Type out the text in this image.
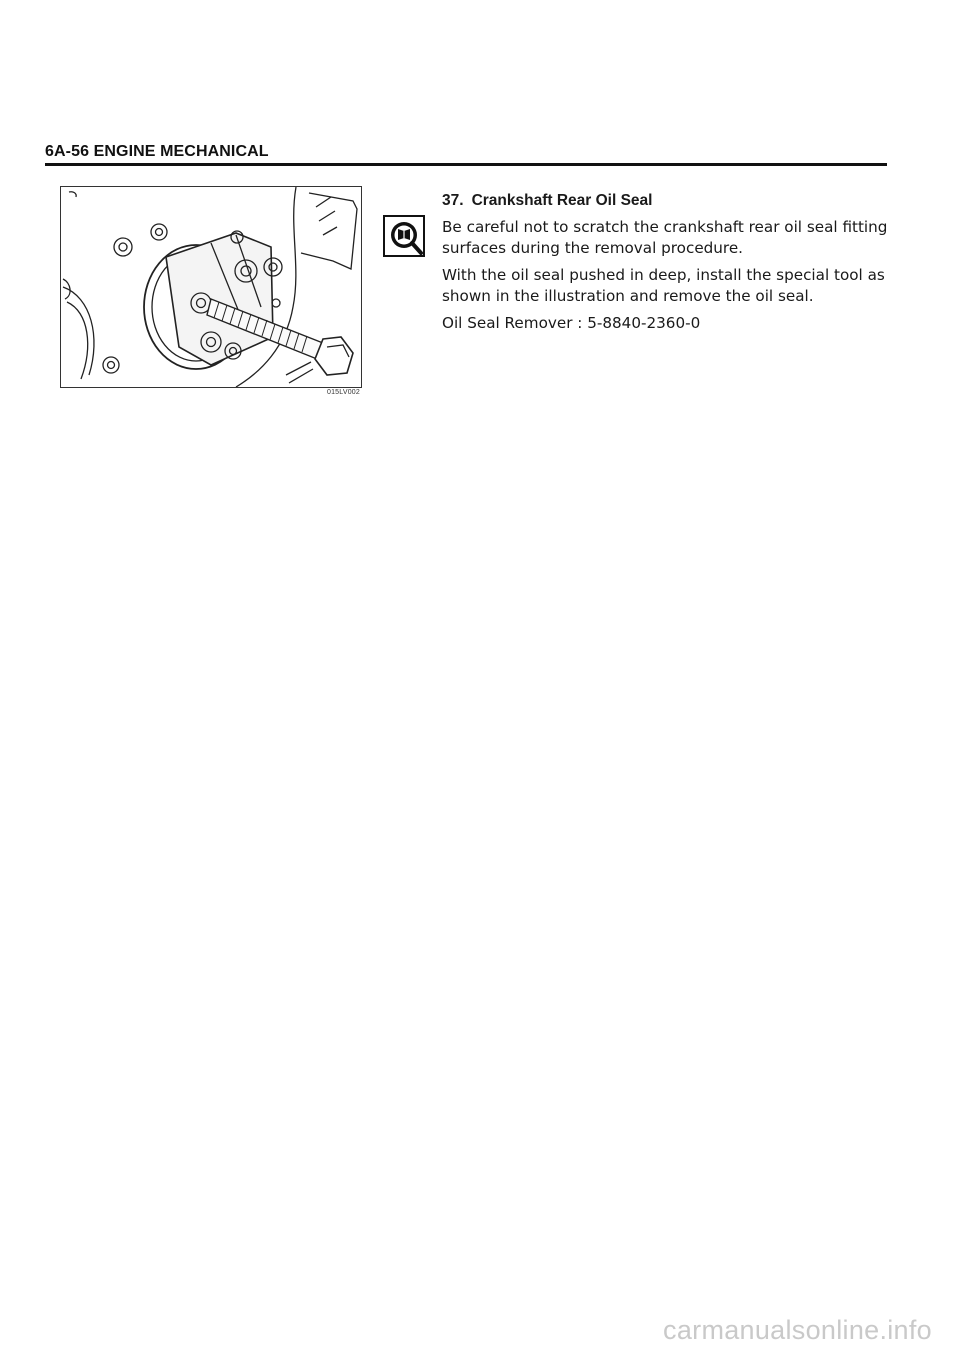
6A-56 ENGINE MECHANICAL
015LV002
37. Crankshaft Rear Oil Seal

Be careful not to scratch the crankshaft rear oil seal fitting surfaces during the removal procedure.

With the oil seal pushed in deep, install the special tool as shown in the illustration and remove the oil seal.

Oil Seal Remover : 5-8840-2360-0

carmanualsonline.info
